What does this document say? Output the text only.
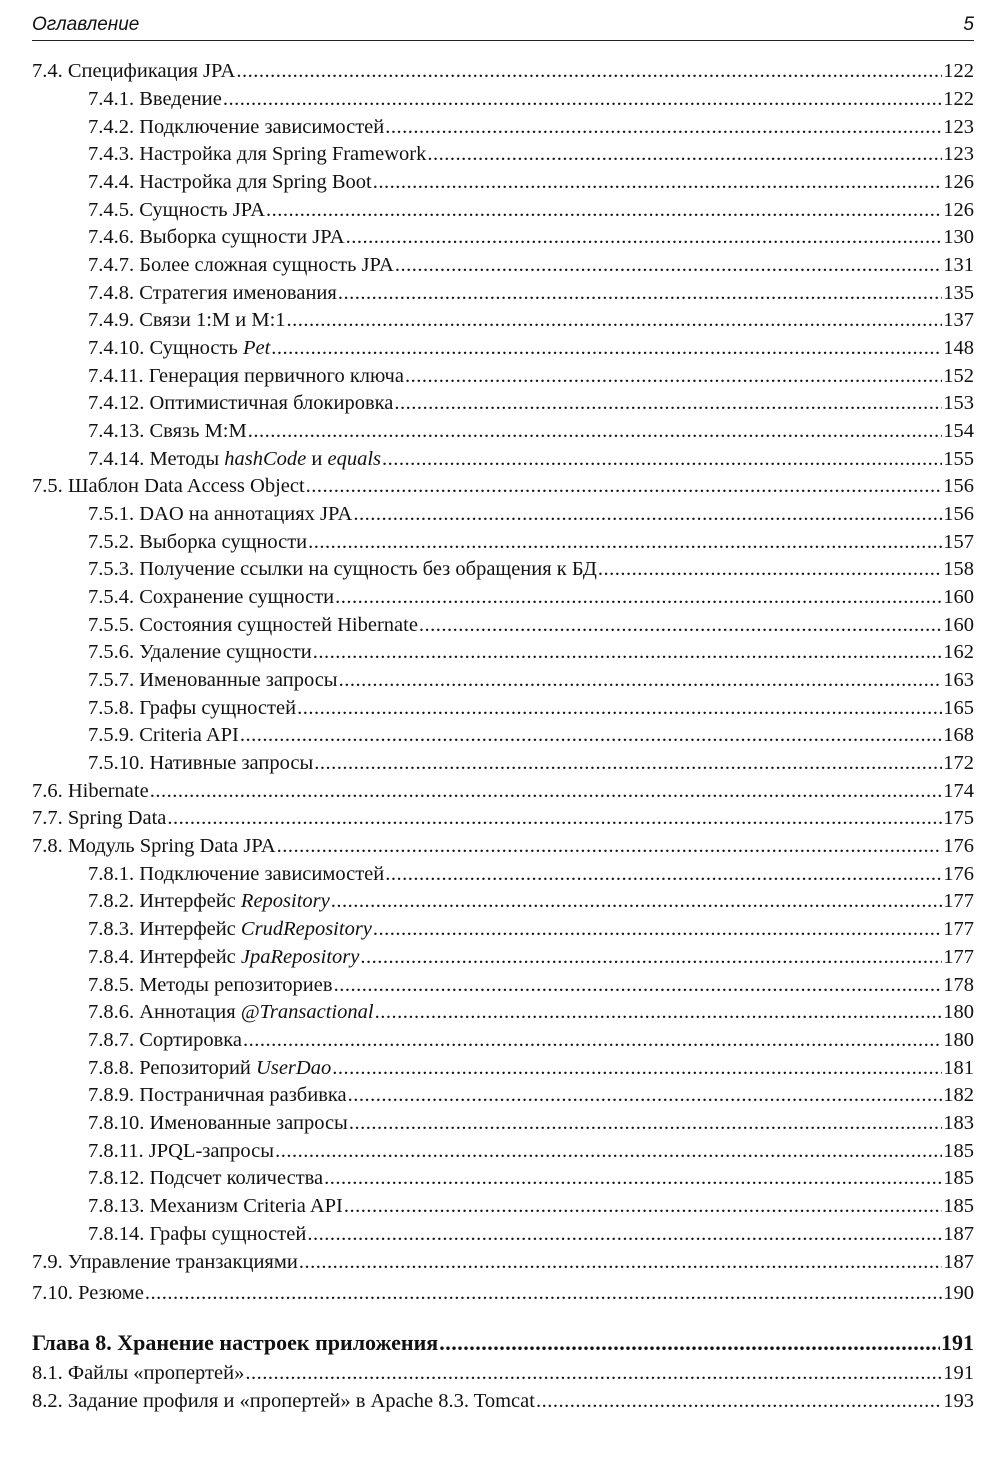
Оглавление	5
7.4. Спецификация JPA .....	122
7.4.1. Введение .....	122
7.4.2. Подключение зависимостей .....	123
7.4.3. Настройка для Spring Framework .....	123
7.4.4. Настройка для Spring Boot .....	126
7.4.5. Сущность JPA .....	126
7.4.6. Выборка сущности JPA .....	130
7.4.7. Более сложная сущность JPA .....	131
7.4.8. Стратегия именования .....	135
7.4.9. Связи 1:M и M:1 .....	137
7.4.10. Сущность Pet .....	148
7.4.11. Генерация первичного ключа .....	152
7.4.12. Оптимистичная блокировка .....	153
7.4.13. Связь M:M .....	154
7.4.14. Методы hashCode и equals .....	155
7.5. Шаблон Data Access Object .....	156
7.5.1. DAO на аннотациях JPA .....	156
7.5.2. Выборка сущности .....	157
7.5.3. Получение ссылки на сущность без обращения к БД .....	158
7.5.4. Сохранение сущности .....	160
7.5.5. Состояния сущностей Hibernate .....	160
7.5.6. Удаление сущности .....	162
7.5.7. Именованные запросы .....	163
7.5.8. Графы сущностей .....	165
7.5.9. Criteria API .....	168
7.5.10. Нативные запросы .....	172
7.6. Hibernate .....	174
7.7. Spring Data .....	175
7.8. Модуль Spring Data JPA .....	176
7.8.1. Подключение зависимостей .....	176
7.8.2. Интерфейс Repository .....	177
7.8.3. Интерфейс CrudRepository .....	177
7.8.4. Интерфейс JpaRepository .....	177
7.8.5. Методы репозиториев .....	178
7.8.6. Аннотация @Transactional .....	180
7.8.7. Сортировка .....	180
7.8.8. Репозиторий UserDao .....	181
7.8.9. Постраничная разбивка .....	182
7.8.10. Именованные запросы .....	183
7.8.11. JPQL-запросы .....	185
7.8.12. Подсчет количества .....	185
7.8.13. Механизм Criteria API .....	185
7.8.14. Графы сущностей .....	187
7.9. Управление транзакциями .....	187
7.10. Резюме .....	190
Глава 8. Хранение настроек приложения .....	191
8.1. Файлы «пропертей» .....	191
8.2. Задание профиля и «пропертей» в Apache 8.3. Tomcat .....	193
